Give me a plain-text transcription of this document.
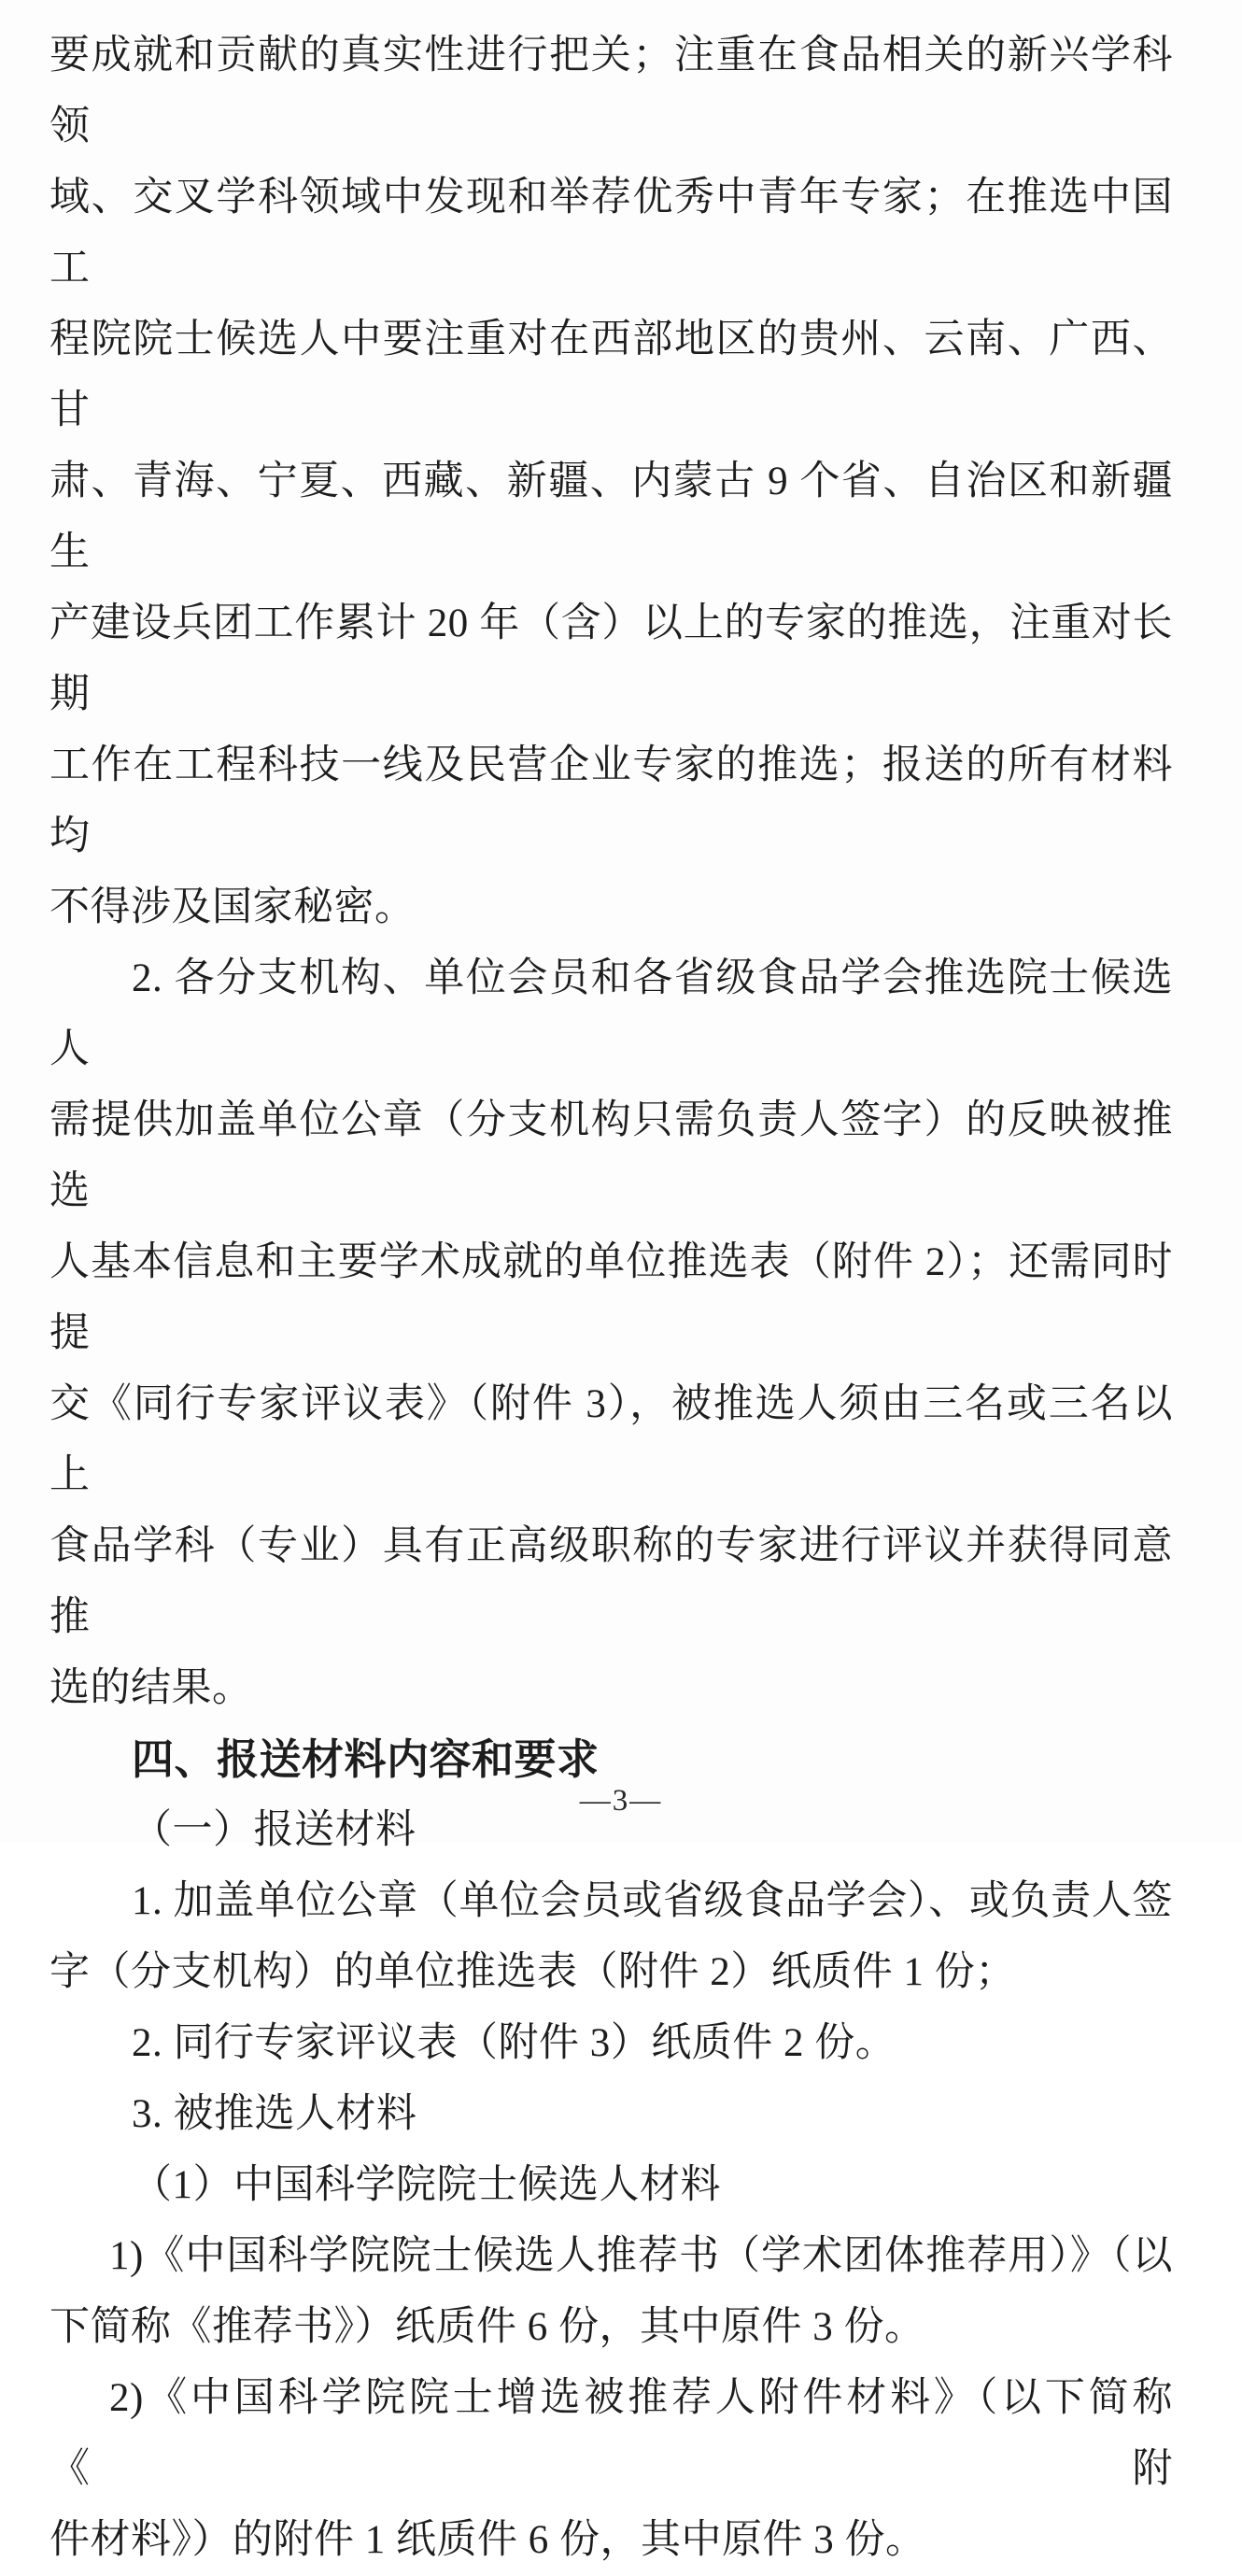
要成就和贡献的真实性进行把关；注重在食品相关的新兴学科领

域、交叉学科领域中发现和举荐优秀中青年专家；在推选中国工

程院院士候选人中要注重对在西部地区的贵州、云南、广西、甘

肃、青海、宁夏、西藏、新疆、内蒙古 9 个省、自治区和新疆生

产建设兵团工作累计 20 年（含）以上的专家的推选，注重对长期

工作在工程科技一线及民营企业专家的推选；报送的所有材料均

不得涉及国家秘密。

2. 各分支机构、单位会员和各省级食品学会推选院士候选人

需提供加盖单位公章（分支机构只需负责人签字）的反映被推选

人基本信息和主要学术成就的单位推选表（附件 2）；还需同时提

交《同行专家评议表》（附件 3），被推选人须由三名或三名以上

食品学科（专业）具有正高级职称的专家进行评议并获得同意推

选的结果。

四、报送材料内容和要求

（一）报送材料

1. 加盖单位公章（单位会员或省级食品学会）、或负责人签

字（分支机构）的单位推选表（附件 2）纸质件 1 份；

2. 同行专家评议表（附件 3）纸质件 2 份。

3. 被推选人材料

（1）中国科学院院士候选人材料

1)《中国科学院院士候选人推荐书（学术团体推荐用）》（以

下简称《推荐书》）纸质件 6 份，其中原件 3 份。

2)《中国科学院院士增选被推荐人附件材料》（以下简称《附

件材料》）的附件 1 纸质件 6 份，其中原件 3 份。

—3—
